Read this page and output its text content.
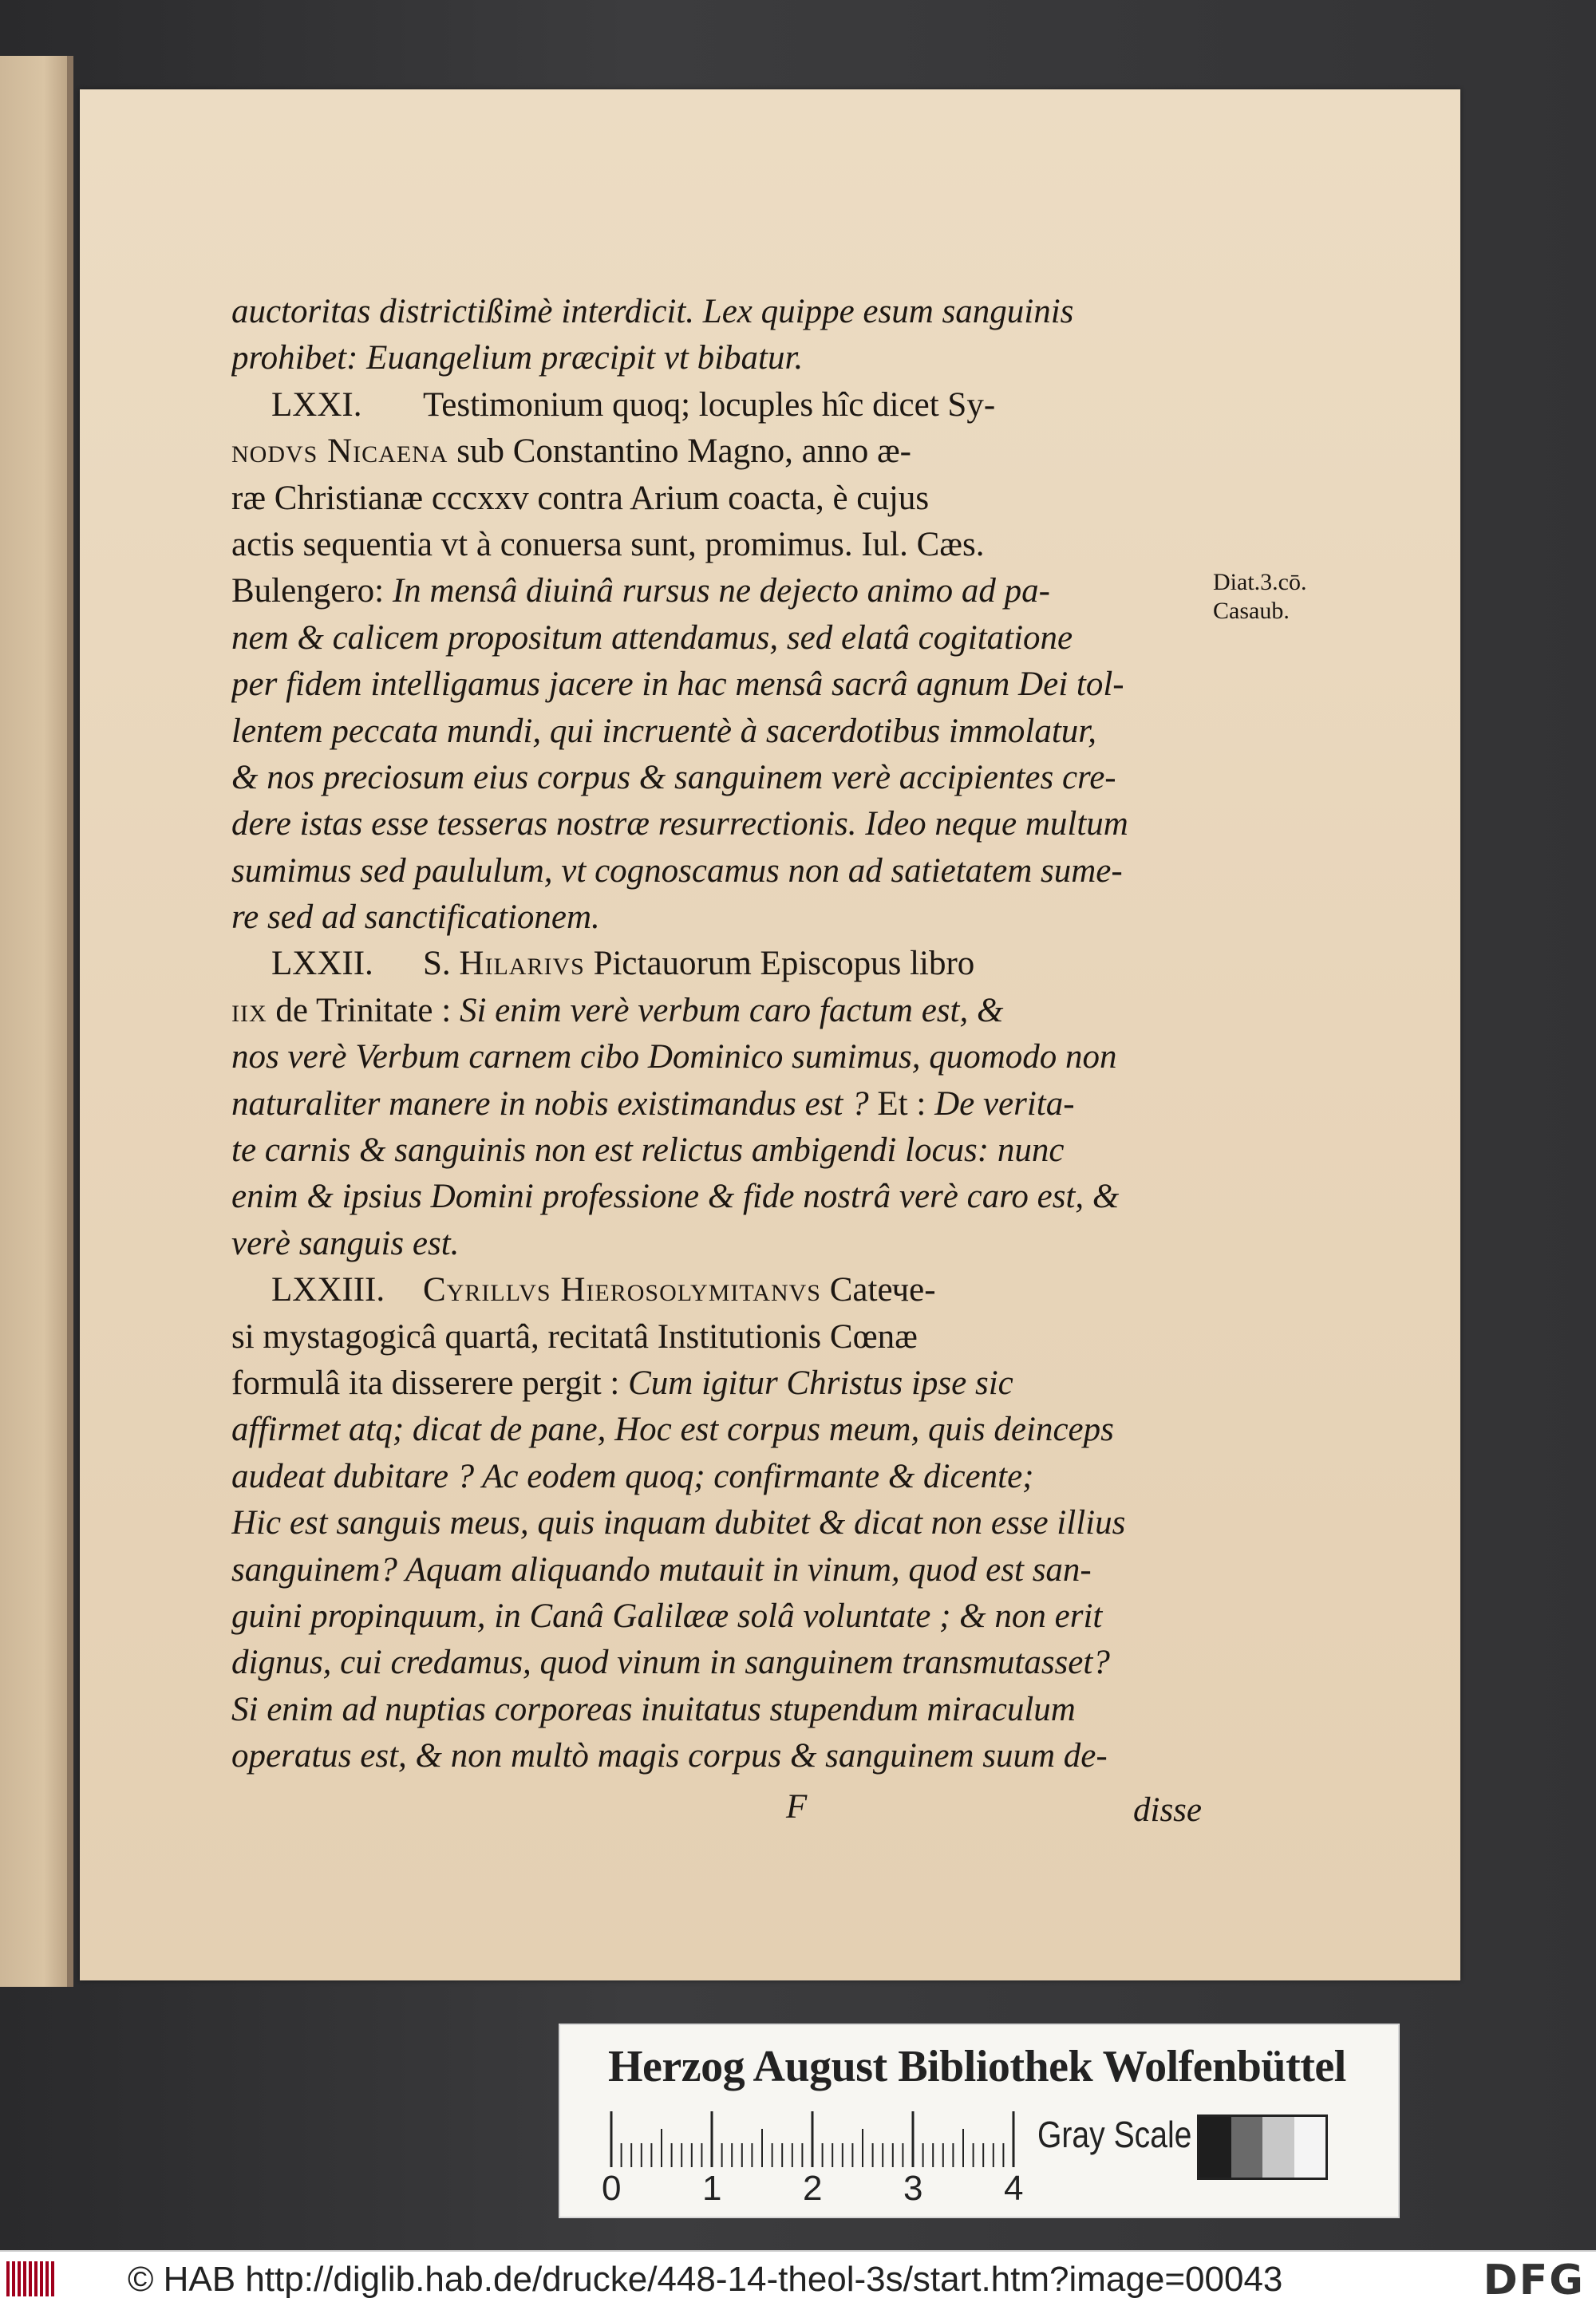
auctoritas districtißimè interdicit. Lex quippe esum sanguinis
prohibet: Euangelium præcipit vt bibatur.
LXXI. Testimonium quoq; locuples hîc dicet Sy-
nodvs Nicaena sub Constantino Magno, anno æ-
ræ Christianæ cccxxv contra Arium coacta, è cujus
actis sequentia vt à conuersa sunt, promimus. Iul. Cæs.
Bulengero: In mensâ diuinâ rursus ne dejecto animo ad pa-
nem & calicem propositum attendamus, sed elatâ cogitatione
per fidem intelligamus jacere in hac mensâ sacrâ agnum Dei tol-
lentem peccata mundi, qui incruentè à sacerdotibus immolatur,
& nos preciosum eius corpus & sanguinem verè accipientes cre-
dere istas esse tesseras nostræ resurrectionis. Ideo neque multum
sumimus sed paululum, vt cognoscamus non ad satietatem sume-
re sed ad sanctificationem.
LXXII. S. Hilarivs Pictauorum Episcopus libro
iix de Trinitate : Si enim verè verbum caro factum est, &
nos verè Verbum carnem cibo Dominico sumimus, quomodo non
naturaliter manere in nobis existimandus est ? Et : De verita-
te carnis & sanguinis non est relictus ambigendi locus: nunc
enim & ipsius Domini professione & fide nostrâ verè caro est, &
verè sanguis est.
LXXIII. Cyrillvs Hierosolymitanvs Catече-
si mystagogicâ quartâ, recitatâ Institutionis Cœnæ
formulâ ita disserere pergit : Cum igitur Christus ipse sic
affirmet atq; dicat de pane, Hoc est corpus meum, quis deinceps
audeat dubitare ? Ac eodem quoq; confirmante & dicente;
Hic est sanguis meus, quis inquam dubitet & dicat non esse illius
sanguinem? Aquam aliquando mutauit in vinum, quod est san-
guini propinquum, in Canâ Galilææ solâ voluntate ; & non erit
dignus, cui credamus, quod vinum in sanguinem transmutasset?
Si enim ad nuptias corporeas inuitatus stupendum miraculum
operatus est, & non multò magis corpus & sanguinem suum de-
Diat.3.cō.
Casaub.
F	disse
Herzog August Bibliothek Wolfenbüttel
0 1 2 3 4
Gray Scale
© HAB http://diglib.hab.de/drucke/448-14-theol-3s/start.htm?image=00043	DFG
